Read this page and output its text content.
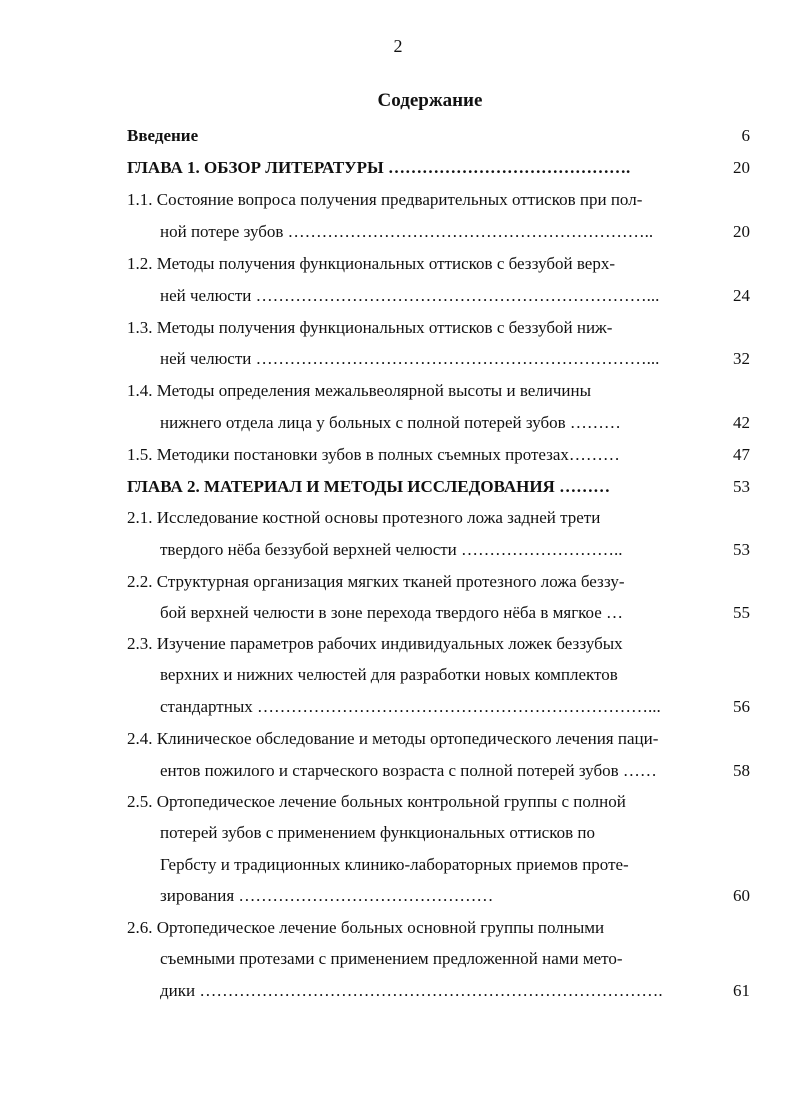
2
Содержание
Введение	6
ГЛАВА 1. ОБЗОР ЛИТЕРАТУРЫ …………………………………….	20
1.1. Состояние вопроса получения предварительных оттисков при пол-
ной потере зубов ………………………………………………………..	20
1.2. Методы получения функциональных оттисков с беззубой верх-
ней челюсти ……………………………………………………………...	24
1.3. Методы получения функциональных оттисков с беззубой ниж-
ней челюсти ……………………………………………………………...	32
1.4. Методы определения межальвеолярной высоты и величины
нижнего отдела лица у больных с полной потерей зубов ………	42
1.5. Методики постановки зубов в полных съемных протезах………	47
ГЛАВА 2. МАТЕРИАЛ И МЕТОДЫ ИССЛЕДОВАНИЯ ………	53
2.1. Исследование костной основы протезного ложа задней трети
твердого нёба беззубой верхней челюсти ………………………..	53
2.2. Структурная организация мягких тканей протезного ложа беззу-
бой верхней челюсти в зоне перехода твердого нёба в мягкое …	55
2.3. Изучение параметров рабочих индивидуальных ложек беззубых
верхних и нижних челюстей для разработки новых комплектов
стандартных ……………………………………………………………...	56
2.4. Клиническое обследование и методы ортопедического лечения паци-
ентов пожилого и старческого возраста с полной потерей зубов ……	58
2.5. Ортопедическое лечение больных контрольной группы с полной
потерей зубов с применением функциональных оттисков по
Гербсту и традиционных клинико-лабораторных приемов проте-
зирования ………………………………………	60
2.6. Ортопедическое лечение больных основной группы полными
съемными протезами с применением предложенной нами мето-
дики ……………………………………………………………………….	61
